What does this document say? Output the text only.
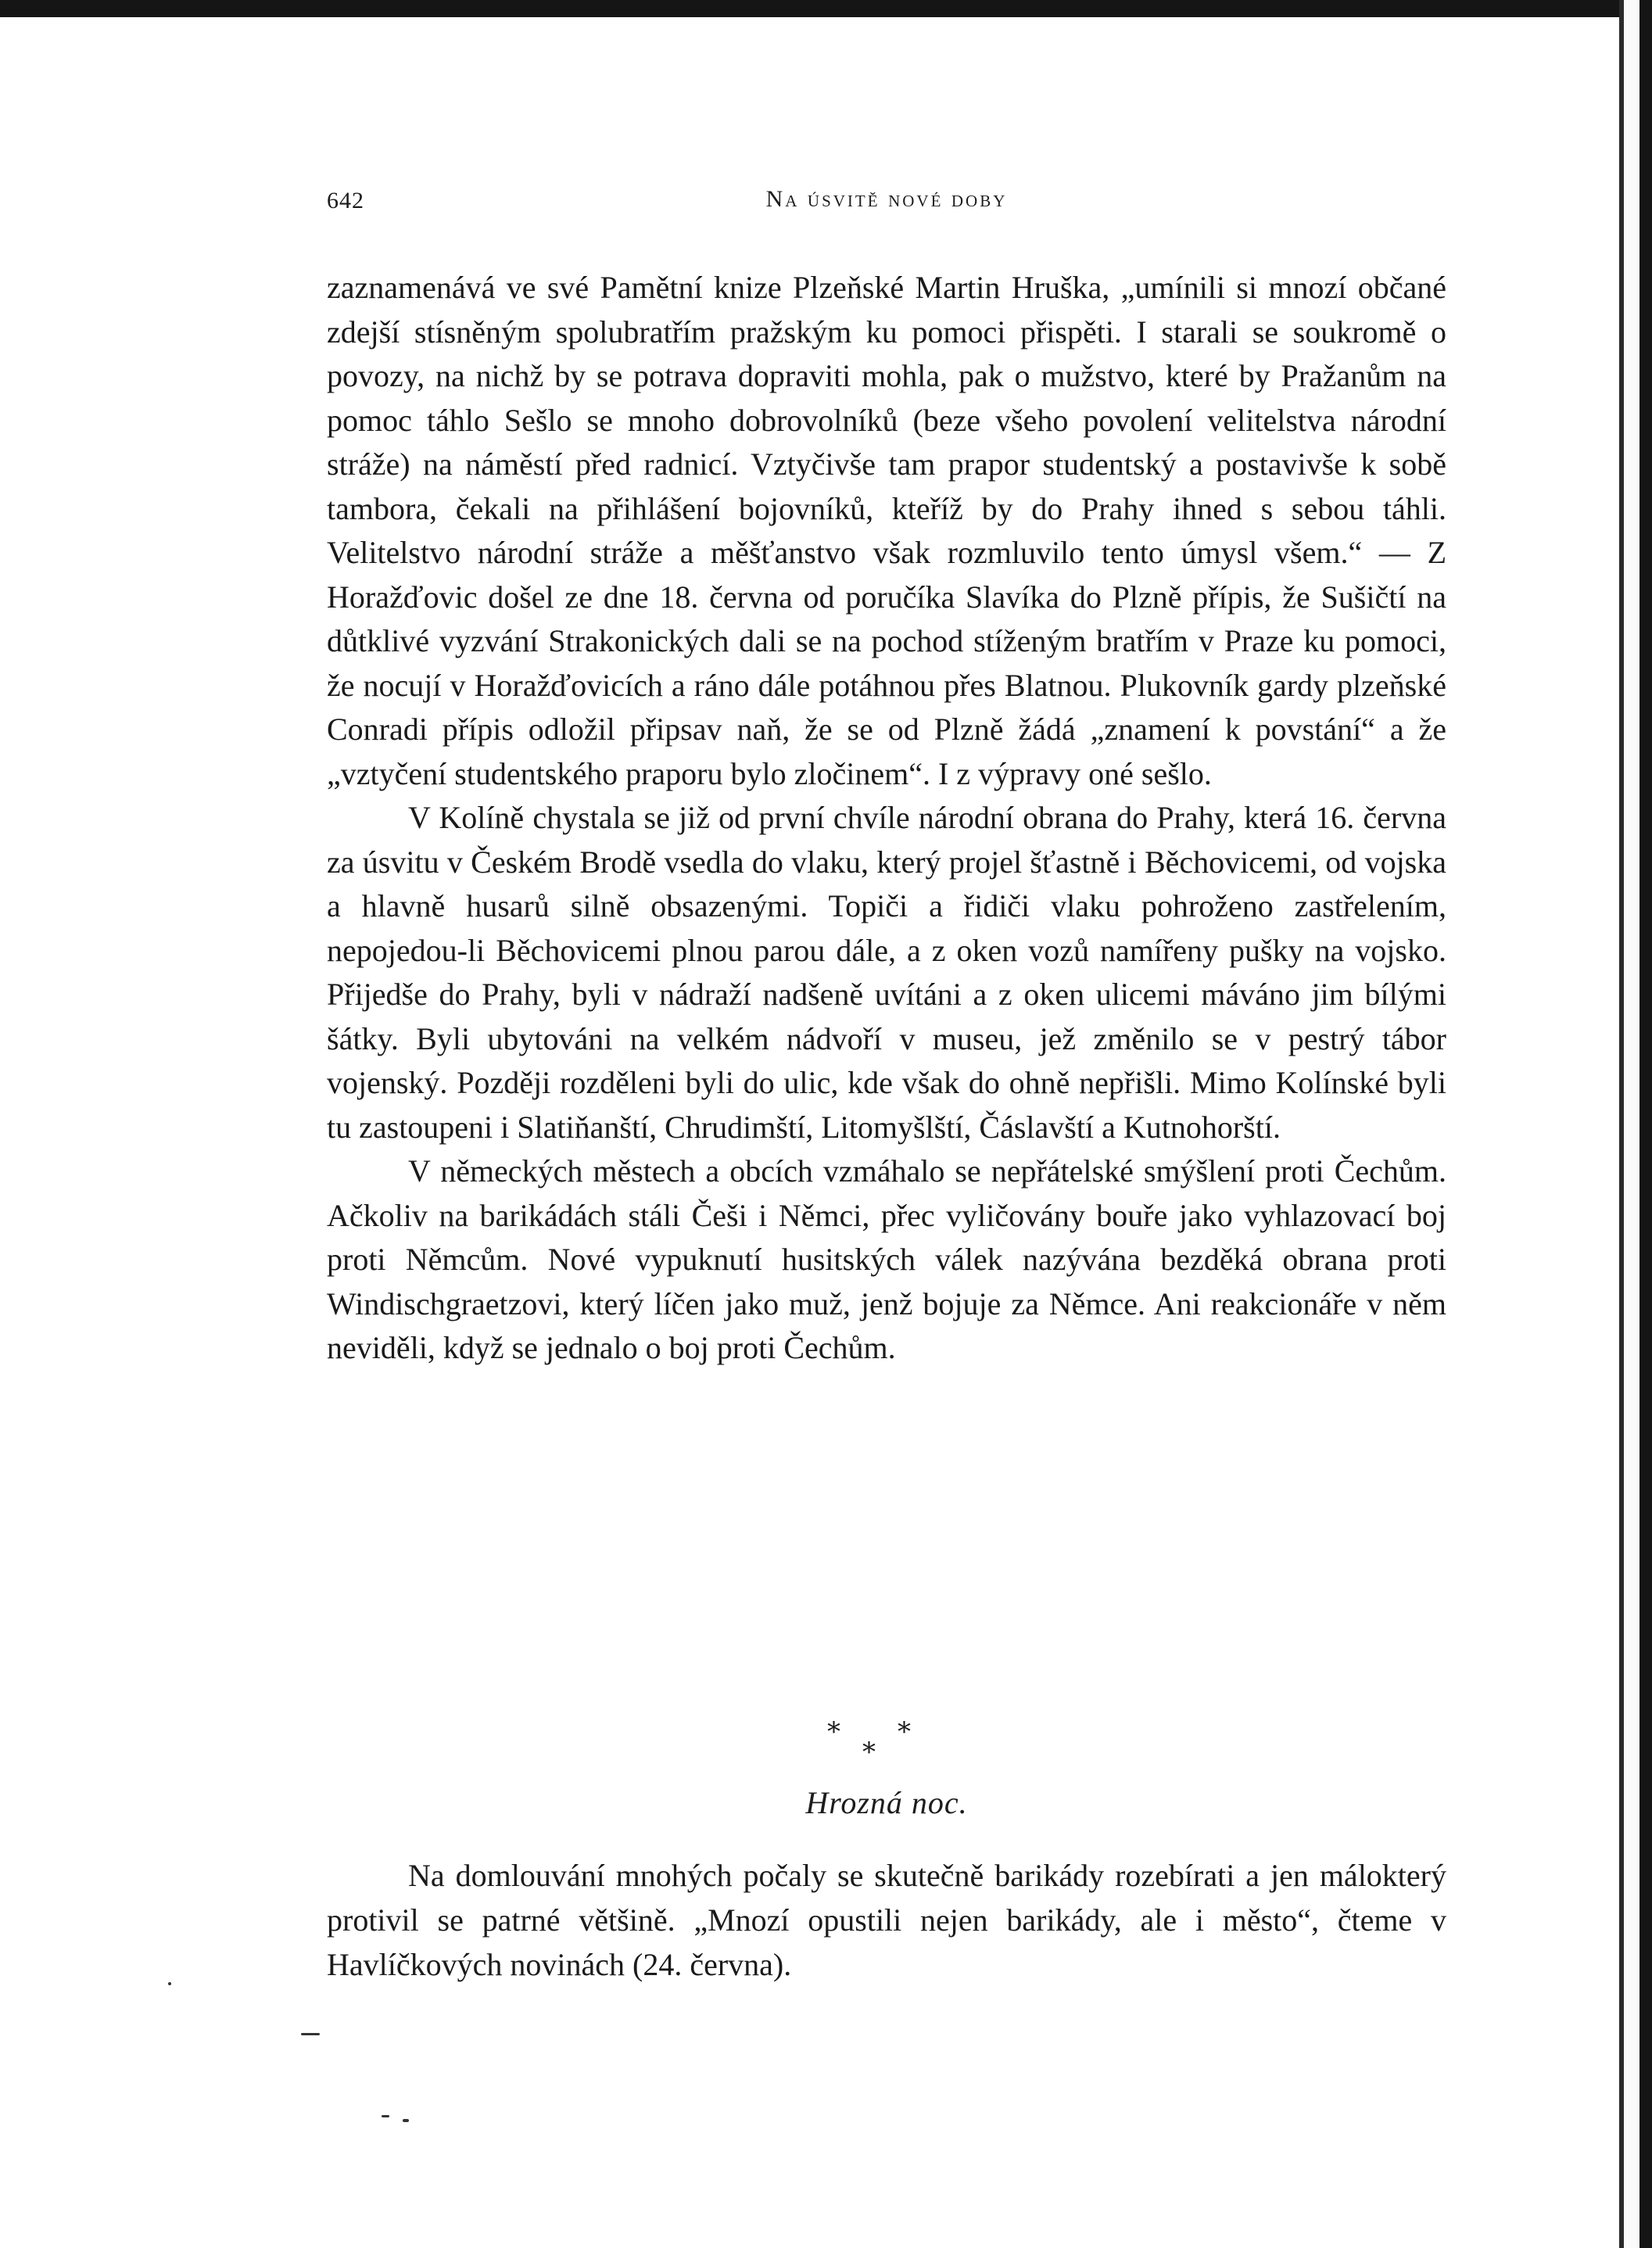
642	Na úsvitě nové doby

zaznamenává ve své Pamětní knize Plzeňské Martin Hruška, „umínili si mnozí občané zdejší stísněným spolubratřím pražským ku pomoci přispěti. I starali se soukromě o povozy, na nichž by se potrava dopraviti mohla, pak o mužstvo, které by Pražanům na pomoc táhlo Sešlo se mnoho dobrovolníků (beze všeho povolení velitelstva národní stráže) na náměstí před radnicí. Vztyčivše tam prapor studentský a postavivše k sobě tambora, čekali na přihlášení bojovníků, kteříž by do Prahy ihned s sebou táhli. Velitelstvo národní stráže a měšťanstvo však rozmluvilo tento úmysl všem.“ — Z Horažďovic došel ze dne 18. června od poručíka Slavíka do Plzně přípis, že Sušičtí na důtklivé vyzvání Strakonických dali se na pochod stíženým bratřím v Praze ku pomoci, že nocují v Horažďovicích a ráno dále potáhnou přes Blatnou. Plukovník gardy plzeňské Conradi přípis odložil připsav naň, že se od Plzně žádá „znamení k povstání“ a že „vztyčení studentského praporu bylo zločinem“. I z výpravy oné sešlo.

V Kolíně chystala se již od první chvíle národní obrana do Prahy, která 16. června za úsvitu v Českém Brodě vsedla do vlaku, který projel šťastně i Běchovicemi, od vojska a hlavně husarů silně obsazenými. Topiči a řidiči vlaku pohroženo zastřelením, nepojedou-li Běchovicemi plnou parou dále, a z oken vozů namířeny pušky na vojsko. Přijedše do Prahy, byli v nádraží nadšeně uvítáni a z oken ulicemi máváno jim bílými šátky. Byli ubytováni na velkém nádvoří v museu, jež změnilo se v pestrý tábor vojenský. Později rozděleni byli do ulic, kde však do ohně nepřišli. Mimo Kolínské byli tu zastoupeni i Slatiňanští, Chrudimští, Litomyšlští, Čáslavští a Kutnohorští.

V německých městech a obcích vzmáhalo se nepřátelské smýšlení proti Čechům. Ačkoliv na barikádách stáli Češi i Němci, přec vyličovány bouře jako vyhlazovací boj proti Němcům. Nové vypuknutí husitských válek nazývána bezděká obrana proti Windischgraetzovi, který líčen jako muž, jenž bojuje za Němce. Ani reakcionáře v něm neviděli, když se jednalo o boj proti Čechům.

* *
*
Hrozná noc.

Na domlouvání mnohých počaly se skutečně barikády rozebírati a jen málokterý protivil se patrné většině. „Mnozí opustili nejen barikády, ale i město“, čteme v Havlíčkových novinách (24. června).
